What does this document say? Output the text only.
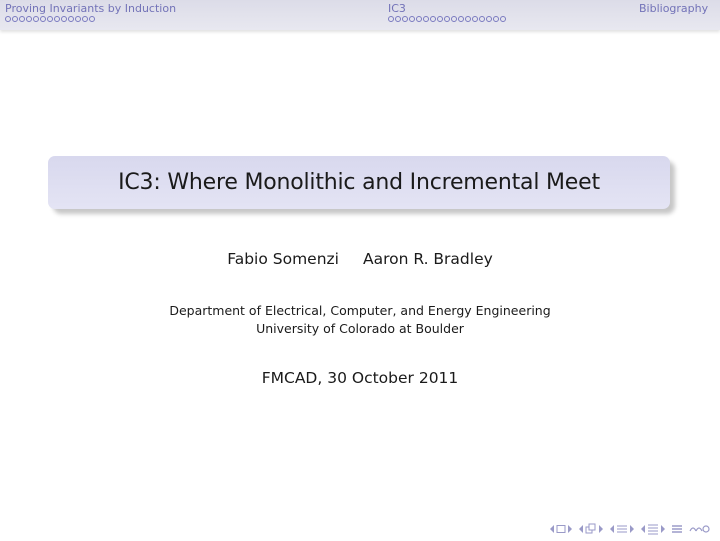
Proving Invariants by Induction	IC3	Bibliography
IC3: Where Monolithic and Incremental Meet
Fabio Somenzi Aaron R. Bradley
Department of Electrical, Computer, and Energy Engineering
University of Colorado at Boulder
FMCAD, 30 October 2011
